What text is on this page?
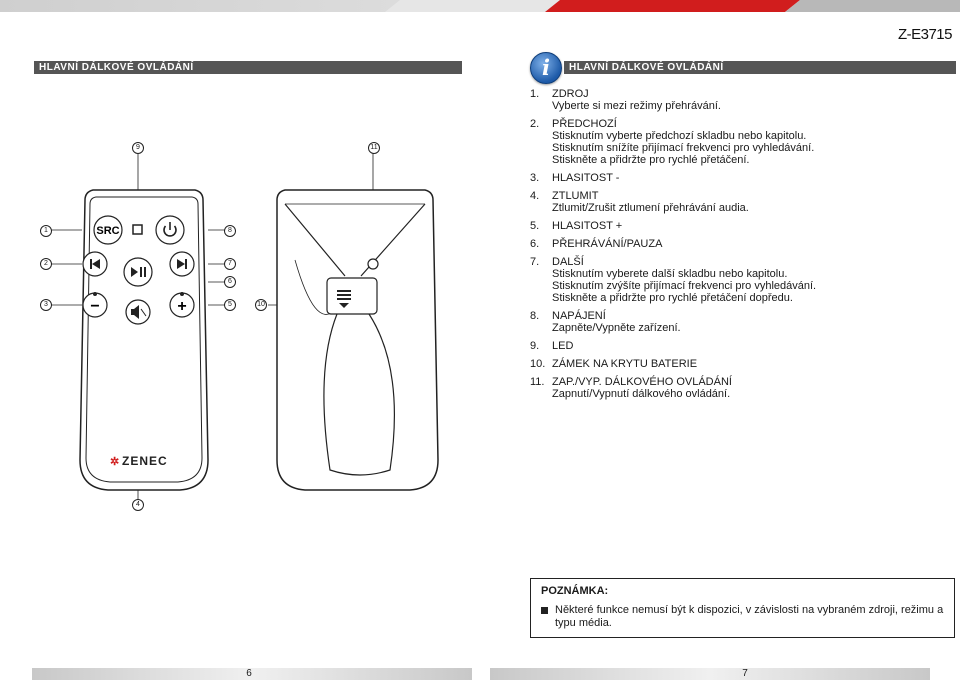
Z-E3715
HLAVNÍ DÁLKOVÉ OVLÁDÁNÍ	HLAVNÍ DÁLKOVÉ OVLÁDÁNÍ
i
SRC
−	+
✲ ZENEC
9
1	8
2	7
6
3	5
4
11
10
1.	ZDROJ
Vyberte si mezi režimy přehrávání.
2.	PŘEDCHOZÍ
Stisknutím vyberte předchozí skladbu nebo kapitolu.
Stisknutím snížíte přijímací frekvenci pro vyhledávání.
Stiskněte a přidržte pro rychlé přetáčení.
3.	HLASITOST -
4.	ZTLUMIT
Ztlumit/Zrušit ztlumení přehrávání audia.
5.	HLASITOST +
6.	PŘEHRÁVÁNÍ/PAUZA
7.	DALŠÍ
Stisknutím vyberete další skladbu nebo kapitolu.
Stisknutím zvýšíte přijímací frekvenci pro vyhledávání.
Stiskněte a přidržte pro rychlé přetáčení dopředu.
8.	NAPÁJENÍ
Zapněte/Vypněte zařízení.
9.	LED
10. ZÁMEK NA KRYTU BATERIE
11. ZAP./VYP. DÁLKOVÉHO OVLÁDÁNÍ
Zapnutí/Vypnutí dálkového ovládání.
POZNÁMKA:
Některé funkce nemusí být k dispozici, v závislosti na vybraném zdroji, režimu a typu média.
6	7
